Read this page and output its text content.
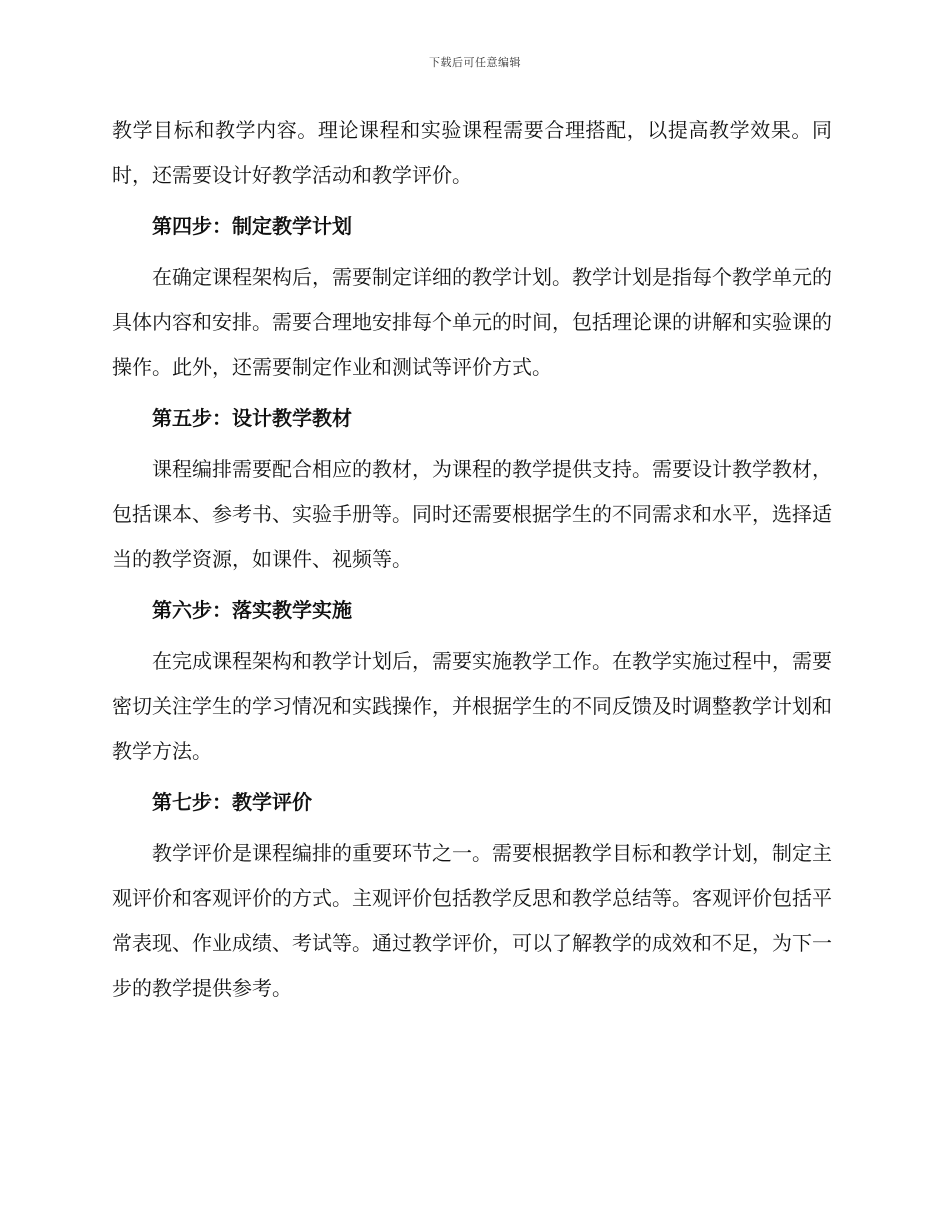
下载后可任意编辑

教学目标和教学内容。理论课程和实验课程需要合理搭配，以提高教学效果。同时，还需要设计好教学活动和教学评价。

第四步：制定教学计划

在确定课程架构后，需要制定详细的教学计划。教学计划是指每个教学单元的具体内容和安排。需要合理地安排每个单元的时间，包括理论课的讲解和实验课的操作。此外，还需要制定作业和测试等评价方式。

第五步：设计教学教材

课程编排需要配合相应的教材，为课程的教学提供支持。需要设计教学教材，包括课本、参考书、实验手册等。同时还需要根据学生的不同需求和水平，选择适当的教学资源，如课件、视频等。

第六步：落实教学实施

在完成课程架构和教学计划后，需要实施教学工作。在教学实施过程中，需要密切关注学生的学习情况和实践操作，并根据学生的不同反馈及时调整教学计划和教学方法。

第七步：教学评价

教学评价是课程编排的重要环节之一。需要根据教学目标和教学计划，制定主观评价和客观评价的方式。主观评价包括教学反思和教学总结等。客观评价包括平常表现、作业成绩、考试等。通过教学评价，可以了解教学的成效和不足，为下一步的教学提供参考。
